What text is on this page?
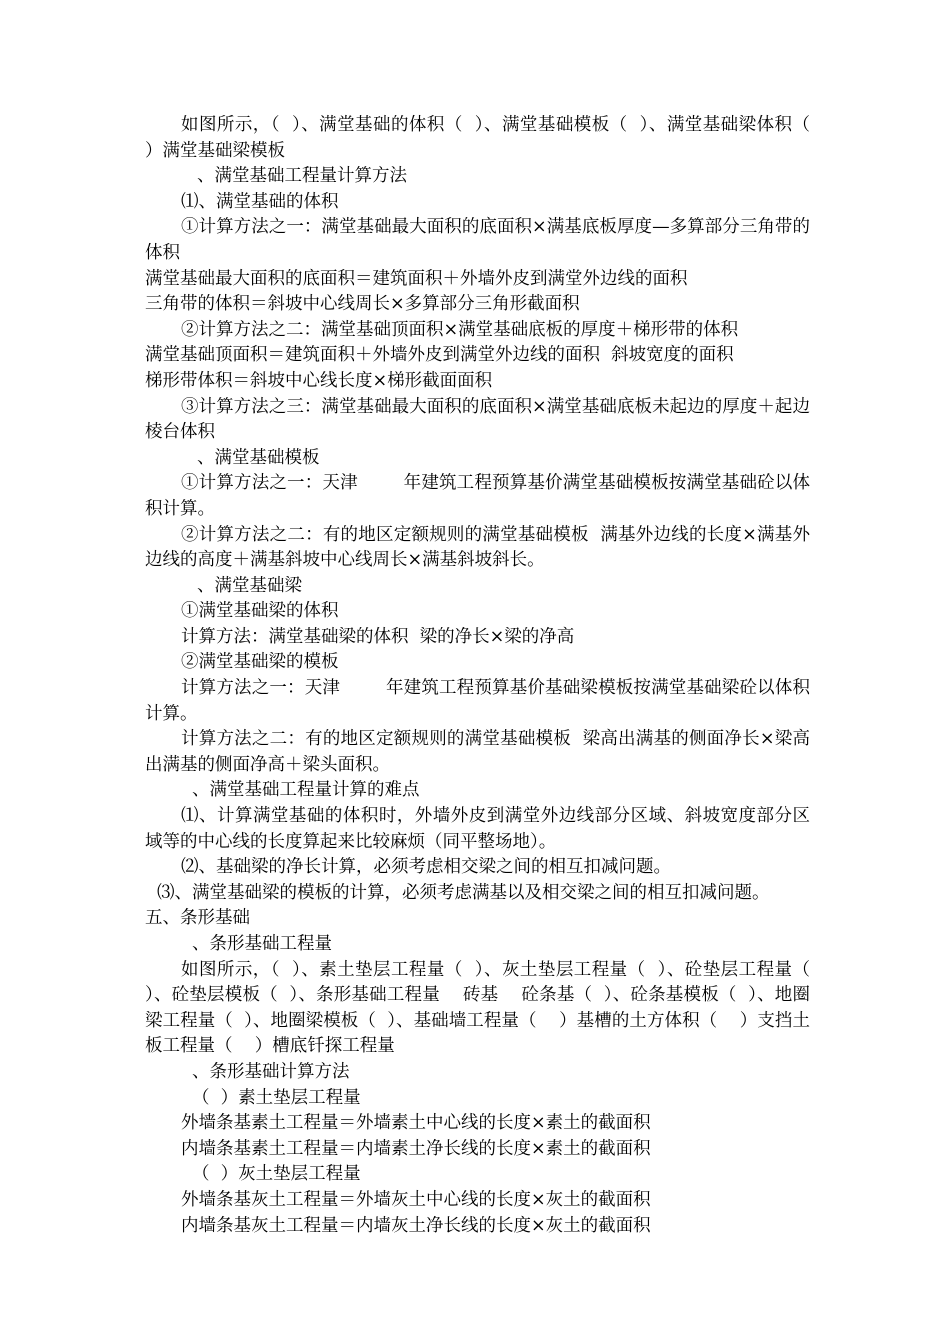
如图所示，（  ）、满堂基础的体积（  ）、满堂基础模板（  ）、满堂基础梁体积（  ）满堂基础梁模板

、满堂基础工程量计算方法

⑴、满堂基础的体积

①计算方法之一：满堂基础最大面积的底面积×满基底板厚度—多算部分三角带的体积

满堂基础最大面积的底面积＝建筑面积＋外墙外皮到满堂外边线的面积

三角带的体积＝斜坡中心线周长×多算部分三角形截面积

②计算方法之二：满堂基础顶面积×满堂基础底板的厚度＋梯形带的体积

满堂基础顶面积＝建筑面积＋外墙外皮到满堂外边线的面积  斜坡宽度的面积

梯形带体积＝斜坡中心线长度×梯形截面面积

③计算方法之三：满堂基础最大面积的底面积×满堂基础底板未起边的厚度＋起边棱台体积

、满堂基础模板

①计算方法之一：天津        年建筑工程预算基价满堂基础模板按满堂基础砼以体积计算。

②计算方法之二：有的地区定额规则的满堂基础模板  满基外边线的长度×满基外边线的高度＋满基斜坡中心线周长×满基斜坡斜长。

、满堂基础梁

①满堂基础梁的体积

计算方法：满堂基础梁的体积  梁的净长×梁的净高

②满堂基础梁的模板

计算方法之一：天津        年建筑工程预算基价基础梁模板按满堂基础梁砼以体积计算。

计算方法之二：有的地区定额规则的满堂基础模板  梁高出满基的侧面净长×梁高出满基的侧面净高＋梁头面积。

、满堂基础工程量计算的难点

⑴、计算满堂基础的体积时，外墙外皮到满堂外边线部分区域、斜坡宽度部分区域等的中心线的长度算起来比较麻烦（同平整场地）。

⑵、基础梁的净长计算，必须考虑相交梁之间的相互扣减问题。

⑶、满堂基础梁的模板的计算，必须考虑满基以及相交梁之间的相互扣减问题。

五、条形基础

、条形基础工程量

如图所示，（  ）、素土垫层工程量（  ）、灰土垫层工程量（  ）、砼垫层工程量（  ）、砼垫层模板（  ）、条形基础工程量    砖基    砼条基（  ）、砼条基模板（  ）、地圈梁工程量（  ）、地圈梁模板（  ）、基础墙工程量（    ）基槽的土方体积（    ）支挡土板工程量（    ）槽底钎探工程量

、条形基础计算方法

（  ）素土垫层工程量

外墙条基素土工程量＝外墙素土中心线的长度×素土的截面积

内墙条基素土工程量＝内墙素土净长线的长度×素土的截面积

（  ）灰土垫层工程量

外墙条基灰土工程量＝外墙灰土中心线的长度×灰土的截面积

内墙条基灰土工程量＝内墙灰土净长线的长度×灰土的截面积
